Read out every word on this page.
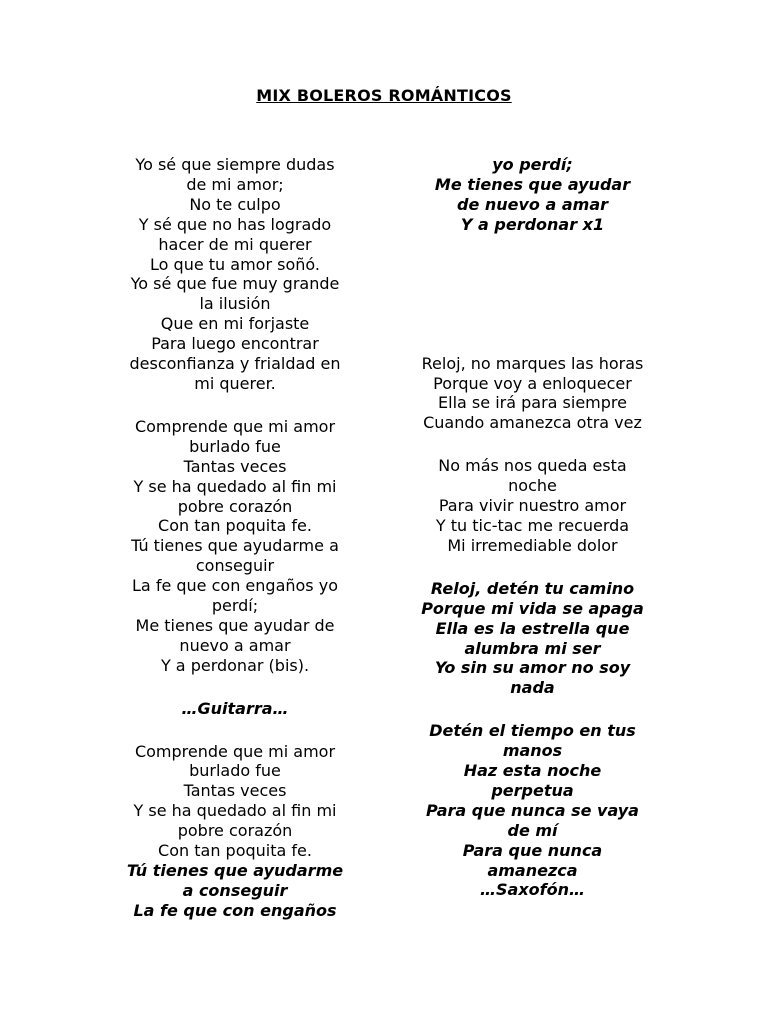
MIX BOLEROS ROMÁNTICOS
Yo sé que siempre dudas
de mi amor;
No te culpo
Y sé que no has logrado
hacer de mi querer
Lo que tu amor soñó.
Yo sé que fue muy grande
la ilusión
Que en mi forjaste
Para luego encontrar
desconfianza y frialdad en
mi querer.
Comprende que mi amor
burlado fue
Tantas veces
Y se ha quedado al fin mi
pobre corazón
Con tan poquita fe.
Tú tienes que ayudarme a
conseguir
La fe que con engaños yo
perdí;
Me tienes que ayudar de
nuevo a amar
Y a perdonar (bis).
…Guitarra…
Comprende que mi amor
burlado fue
Tantas veces
Y se ha quedado al fin mi
pobre corazón
Con tan poquita fe.
Tú tienes que ayudarme
a conseguir
La fe que con engaños
yo perdí;
Me tienes que ayudar
de nuevo a amar
Y a perdonar x1
Reloj, no marques las horas
Porque voy a enloquecer
Ella se irá para siempre
Cuando amanezca otra vez
No más nos queda esta
noche
Para vivir nuestro amor
Y tu tic-tac me recuerda
Mi irremediable dolor
Reloj, detén tu camino
Porque mi vida se apaga
Ella es la estrella que
alumbra mi ser
Yo sin su amor no soy
nada
Detén el tiempo en tus
manos
Haz esta noche
perpetua
Para que nunca se vaya
de mí
Para que nunca
amanezca
…Saxofón…
